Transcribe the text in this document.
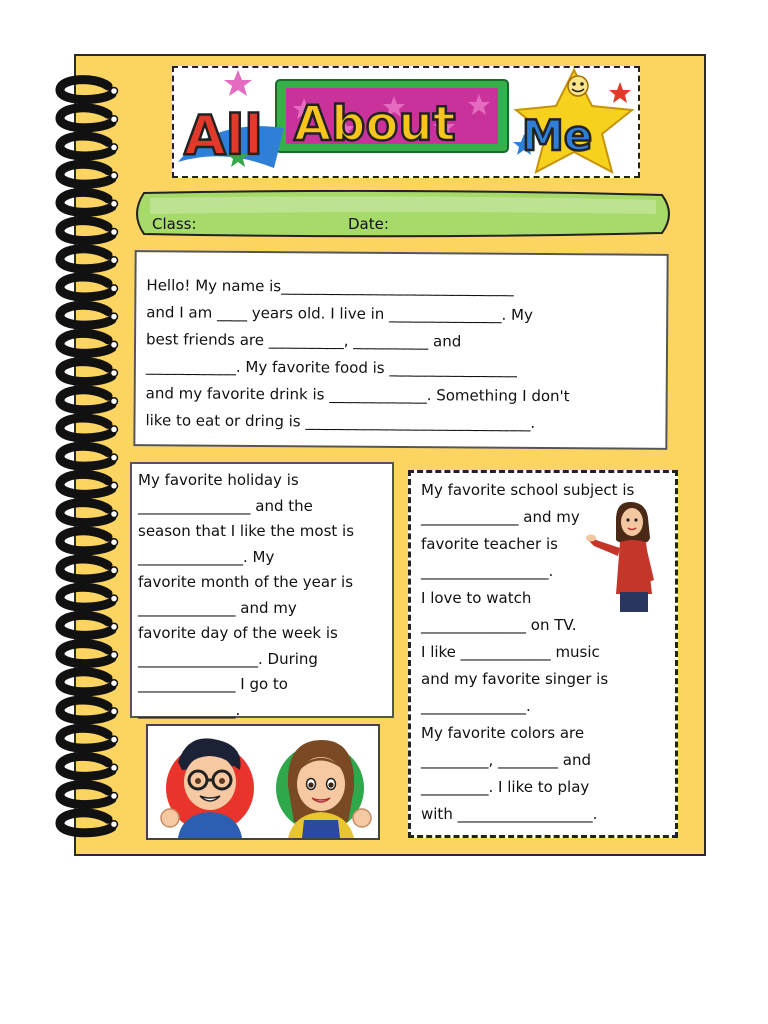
All About Me
Class:	Date:
Hello! My name is_______________________________
and I am ____ years old. I live in _______________. My
best friends are __________, __________ and
____________. My favorite food is _________________
and my favorite drink is _____________. Something I don't
like to eat or dring is ______________________________.
My favorite holiday is
_______________ and the
season that I like the most is
______________. My
favorite month of the year is
_____________ and my
favorite day of the week is
________________. During
_____________ I go to
_____________.
My favorite school subject is
_____________ and my
favorite teacher is
_________________.
I love to watch
______________ on TV.
I like ____________ music
and my favorite singer is
______________.
My favorite colors are
_________, ________ and
_________. I like to play
with __________________.
